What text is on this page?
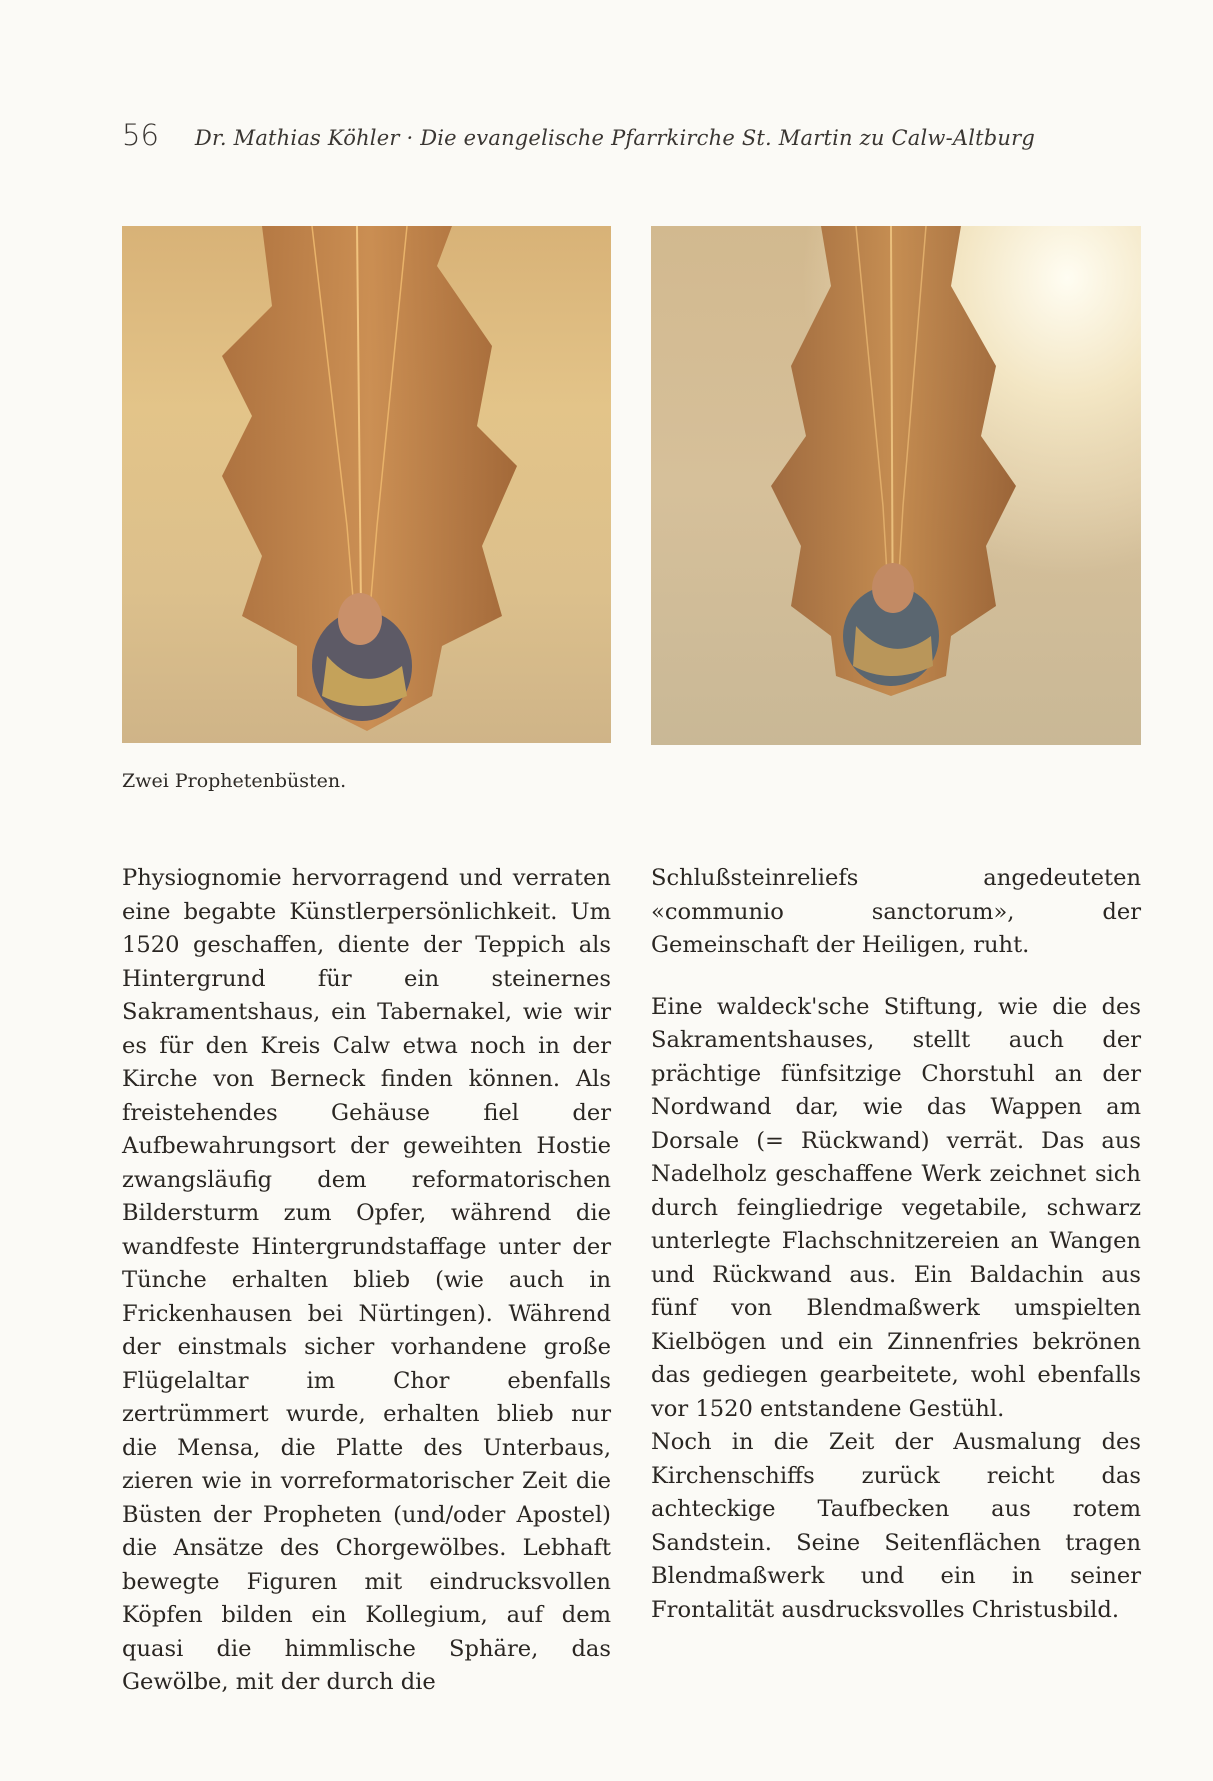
56 Dr. Mathias Köhler · Die evangelische Pfarrkirche St. Martin zu Calw-Altburg
Zwei Prophetenbüsten.

Physiognomie hervorragend und verraten eine begabte Künstlerpersönlichkeit. Um 1520 geschaffen, diente der Teppich als Hintergrund für ein steinernes Sakramentshaus, ein Tabernakel, wie wir es für den Kreis Calw etwa noch in der Kirche von Berneck finden können. Als freistehendes Gehäuse fiel der Aufbewahrungsort der geweihten Hostie zwangsläufig dem reformatorischen Bildersturm zum Opfer, während die wandfeste Hintergrundstaffage unter der Tünche erhalten blieb (wie auch in Frickenhausen bei Nürtingen). Während der einstmals sicher vorhandene große Flügelaltar im Chor ebenfalls zertrümmert wurde, erhalten blieb nur die Mensa, die Platte des Unterbaus, zieren wie in vorreformatorischer Zeit die Büsten der Propheten (und/oder Apostel) die Ansätze des Chorgewölbes. Lebhaft bewegte Figuren mit eindrucksvollen Köpfen bilden ein Kollegium, auf dem quasi die himmlische Sphäre, das Gewölbe, mit der durch die

Schlußsteinreliefs angedeuteten «communio sanctorum», der Gemeinschaft der Heiligen, ruht.

Eine waldeck'sche Stiftung, wie die des Sakramentshauses, stellt auch der prächtige fünfsitzige Chorstuhl an der Nordwand dar, wie das Wappen am Dorsale (= Rückwand) verrät. Das aus Nadelholz geschaffene Werk zeichnet sich durch feingliedrige vegetabile, schwarz unterlegte Flachschnitzereien an Wangen und Rückwand aus. Ein Baldachin aus fünf von Blendmaßwerk umspielten Kielbögen und ein Zinnenfries bekrönen das gediegen gearbeitete, wohl ebenfalls vor 1520 entstandene Gestühl.

Noch in die Zeit der Ausmalung des Kirchenschiffs zurück reicht das achteckige Taufbecken aus rotem Sandstein. Seine Seitenflächen tragen Blendmaßwerk und ein in seiner Frontalität ausdrucksvolles Christusbild.
